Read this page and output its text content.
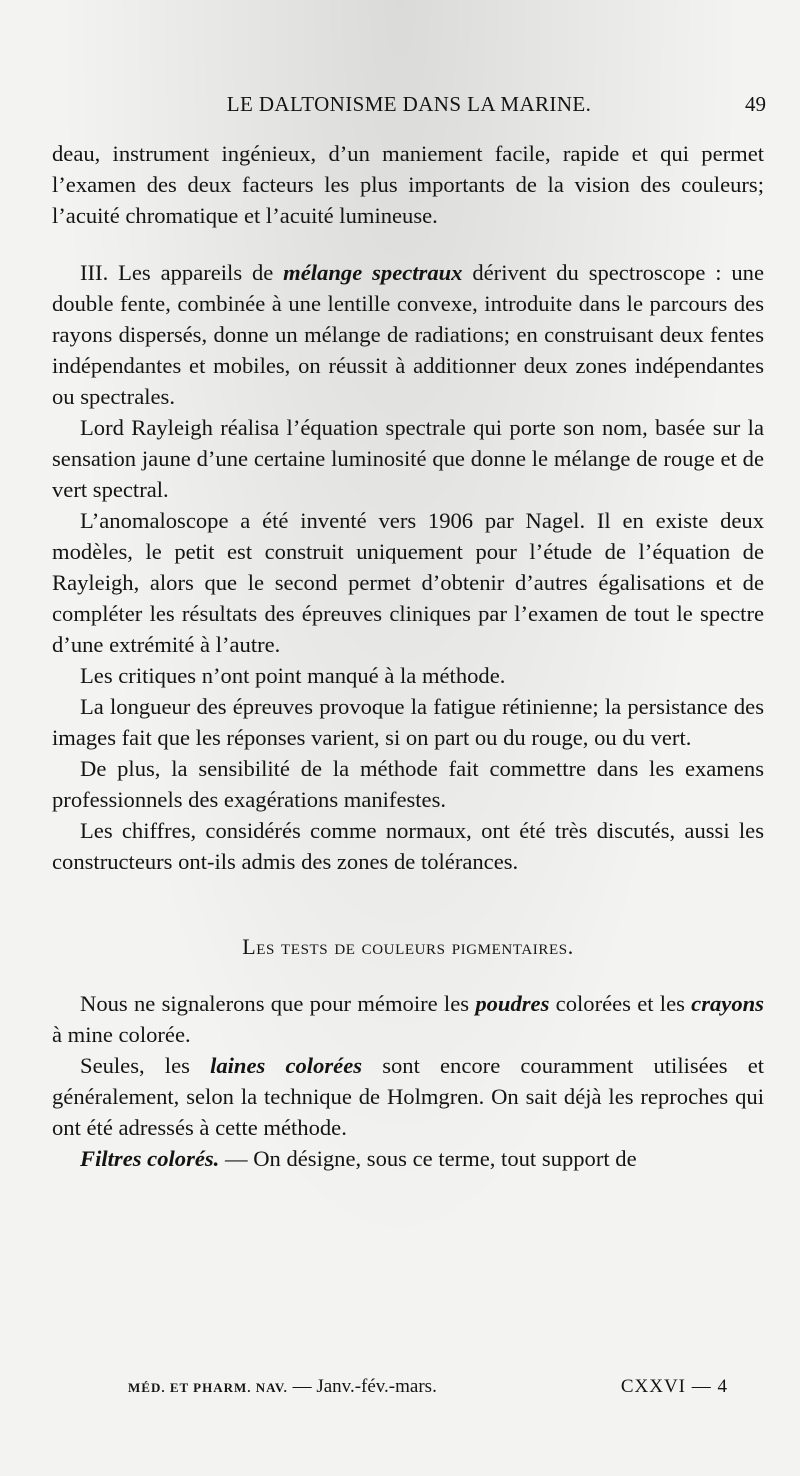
LE DALTONISME DANS LA MARINE.	49

deau, instrument ingénieux, d’un maniement facile, rapide et qui permet l’examen des deux facteurs les plus importants de la vision des couleurs; l’acuité chromatique et l’acuité lumineuse.

III. Les appareils de mélange spectraux dérivent du spectroscope : une double fente, combinée à une lentille convexe, introduite dans le parcours des rayons dispersés, donne un mélange de radiations; en construisant deux fentes indépendantes et mobiles, on réussit à additionner deux zones indépendantes ou spectrales.

Lord Rayleigh réalisa l’équation spectrale qui porte son nom, basée sur la sensation jaune d’une certaine luminosité que donne le mélange de rouge et de vert spectral.

L’anomaloscope a été inventé vers 1906 par Nagel. Il en existe deux modèles, le petit est construit uniquement pour l’étude de l’équation de Rayleigh, alors que le second permet d’obtenir d’autres égalisations et de compléter les résultats des épreuves cliniques par l’examen de tout le spectre d’une extrémité à l’autre.

Les critiques n’ont point manqué à la méthode.

La longueur des épreuves provoque la fatigue rétinienne; la persistance des images fait que les réponses varient, si on part ou du rouge, ou du vert.

De plus, la sensibilité de la méthode fait commettre dans les examens professionnels des exagérations manifestes.

Les chiffres, considérés comme normaux, ont été très discutés, aussi les constructeurs ont-ils admis des zones de tolérances.

Les tests de couleurs pigmentaires.

Nous ne signalerons que pour mémoire les poudres colorées et les crayons à mine colorée.

Seules, les laines colorées sont encore couramment utilisées et généralement, selon la technique de Holmgren. On sait déjà les reproches qui ont été adressés à cette méthode.

Filtres colorés. — On désigne, sous ce terme, tout support de

MÉD. ET PHARM. NAV. — Janv.-fév.-mars.	CXXVI — 4
